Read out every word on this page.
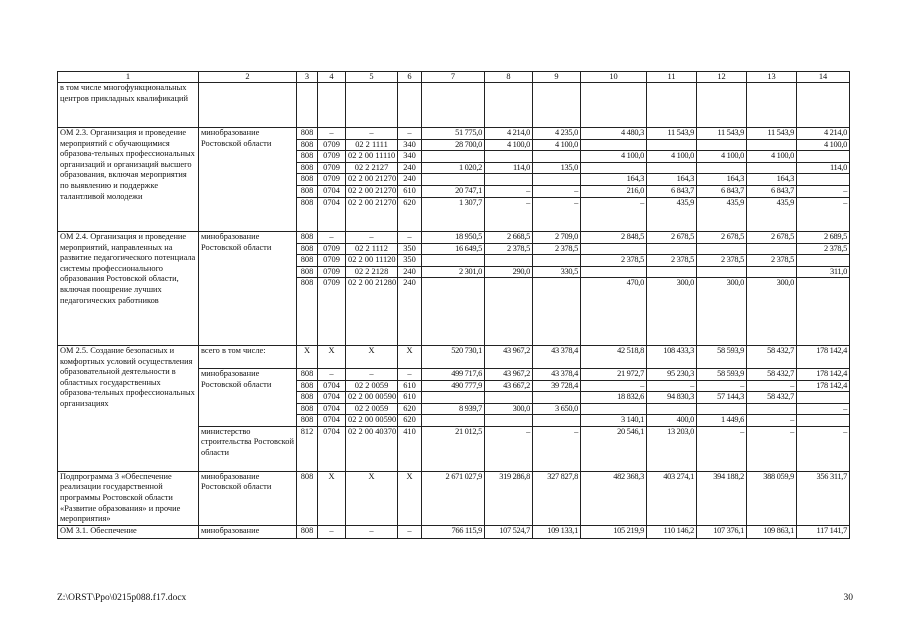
1	2	3	4	5	6	7	8	9	10	11	12	13	14
в том числе многофункциональных центров прикладных квалификаций													
ОМ 2.3. Организация и проведение мероприятий с обучающимися образова-тельных профессиональных организаций и организаций высшего образования, включая мероприятия по выявлению и поддержке талантливой молодежи	минобразование Ростовской области	808	–	–	–	51 775,0	4 214,0	4 235,0	4 480,3	11 543,9	11 543,9	11 543,9	4 214,0
		808	0709	02 2 1111	340	28 700,0	4 100,0	4 100,0					4 100,0
		808	0709	02 2 00 11110	340				4 100,0	4 100,0	4 100,0	4 100,0	
		808	0709	02 2 2127	240	1 020,2	114,0	135,0					114,0
		808	0709	02 2 00 21270	240				164,3	164,3	164,3	164,3	
		808	0704	02 2 00 21270	610	20 747,1	–	–	216,0	6 843,7	6 843,7	6 843,7	–
		808	0704	02 2 00 21270	620	1 307,7	–	–	–	435,9	435,9	435,9	–
ОМ 2.4. Организация и проведение мероприятий, направленных на развитие педагогического потенциала системы профессионального образования Ростовской области, включая поощрение лучших педагогических работников	минобразование Ростовской области	808	–	–	–	18 950,5	2 668,5	2 709,0	2 848,5	2 678,5	2 678,5	2 678,5	2 689,5
		808	0709	02 2 1112	350	16 649,5	2 378,5	2 378,5					2 378,5
		808	0709	02 2 00 11120	350				2 378,5	2 378,5	2 378,5	2 378,5	
		808	0709	02 2 2128	240	2 301,0	290,0	330,5					311,0
		808	0709	02 2 00 21280	240				470,0	300,0	300,0	300,0	
ОМ 2.5. Создание безопасных и комфортных условий осуществления образовательной деятельности в областных государственных образова-тельных профессиональных организациях	всего в том числе:	Х	Х	Х	Х	520 730,1	43 967,2	43 378,4	42 518,8	108 433,3	58 593,9	58 432,7	178 142,4
	минобразование Ростовской области	808	–	–	–	499 717,6	43 967,2	43 378,4	21 972,7	95 230,3	58 593,9	58 432,7	178 142,4
		808	0704	02 2 0059	610	490 777,9	43 667,2	39 728,4	–	–	–	–	178 142,4
		808	0704	02 2 00 00590	610				18 832,6	94 830,3	57 144,3	58 432,7	
		808	0704	02 2 0059	620	8 939,7	300,0	3 650,0					–
		808	0704	02 2 00 00590	620				3 140,1	400,0	1 449,6	–	
	министерство строительства Ростовской области	812	0704	02 2 00 40370	410	21 012,5	–	–	20 546,1	13 203,0	–	–	–
Подпрограмма 3 «Обеспечение реализации государственной программы Ростовской области «Развитие образования» и прочие мероприятия»	минобразование Ростовской области	808	Х	Х	Х	2 671 027,9	319 286,8	327 827,8	482 368,3	403 274,1	394 188,2	388 059,9	356 311,7
ОМ 3.1. Обеспечение	минобразование	808	–	–	–	766 115,9	107 524,7	109 133,1	105 219,9	110 146,2	107 376,1	109 863,1	117 141,7
Z:\ORST\Ppo\0215p088.f17.docx	30
